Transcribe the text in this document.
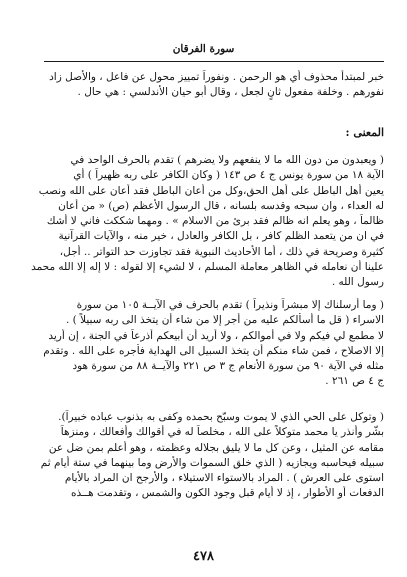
سورة الفرقان
خبر لمبتدأ محذوف أي هو الرحمن . ونفوراً تمييز محول عن فاعل ، والأصل زاد
نفورهم . وخلفة مفعول ثانٍ لجعل ، وقال أبو حيان الأندلسي : هي حال .
المعنى :
( ويعبدون من دون الله ما لا ينفعهم ولا يضرهم ) تقدم بالحرف الواحد في
الآية ١٨ من سورة يونس ج ٤ ص ١٤٣ ( وكان الكافر على ربه ظهيراً ) أي
يعين أهل الباطل على أهل الحق،وكل من أعان الباطل فقد أعان على الله ونصب
له العداء ، وان سبحه وقدسه بلسانه ، قال الرسول الأعظم (ص) « من أعان
ظالماً ، وهو يعلم انه ظالم فقد برئ من الاسلام » . ومهما شككت فاني لا أشك
في ان من يتعمد الظلم كافر ، بل الكافر والعادل ، خير منه ، والآيات القرآنية
كثيرة وصريحة في ذلك ، أما الأحاديث النبوية فقد تجاوزت حد التواتر .. أجل،
علينا أن نعامله في الظاهر معاملة المسلم ، لا لشيء إلا لقوله : لا إله إلا الله محمد
رسول الله .
( وما أرسلناك إلا مبشراً ونذيراً ) تقدم بالحرف في الآيــة ١٠٥ من سورة
الاسراء ( قل ما أسألكم عليه من أجر إلا من شاء أن يتخذ الى ربه سبيلاً ) .
لا مطمع لي فيكم ولا في أموالكم ، ولا أريد أن أبيعكم أذرعاً في الجنة ، إن أريد
إلا الاصلاح ، فمن شاء منكم أن يتخذ السبيل الى الهداية فأجره على الله . وتقدم
مثله في الآية ٩٠ من سورة الأنعام ج ٣ ص ٢٢١ والآيــة ٨٨ من سورة هود
ج ٤ ص ٢٦١ .
( وتوكل على الحي الذي لا يموت وسبّح بحمده وكفى به بذنوب عباده خبيراً).
بشّر وأنذر يا محمد متوكلاً على الله ، مخلصاً له في أقوالك وأفعالك ، ومنزهاً
مقامه عن المثيل ، وعن كل ما لا يليق بجلاله وعظمته ، وهو أعلم بمن ضل عن
سبيله فيحاسبه ويجازيه ( الذي خلق السموات والأرض وما بينهما في ستة أيام ثم
استوى على العرش ) . المراد بالاستواء الاستيلاء ، والأرجح ان المراد بالأيام
الدفعات أو الأطوار ، إذ لا أيام قبل وجود الكون والشمس ، وتقدمت هــذه
٤٧٨
